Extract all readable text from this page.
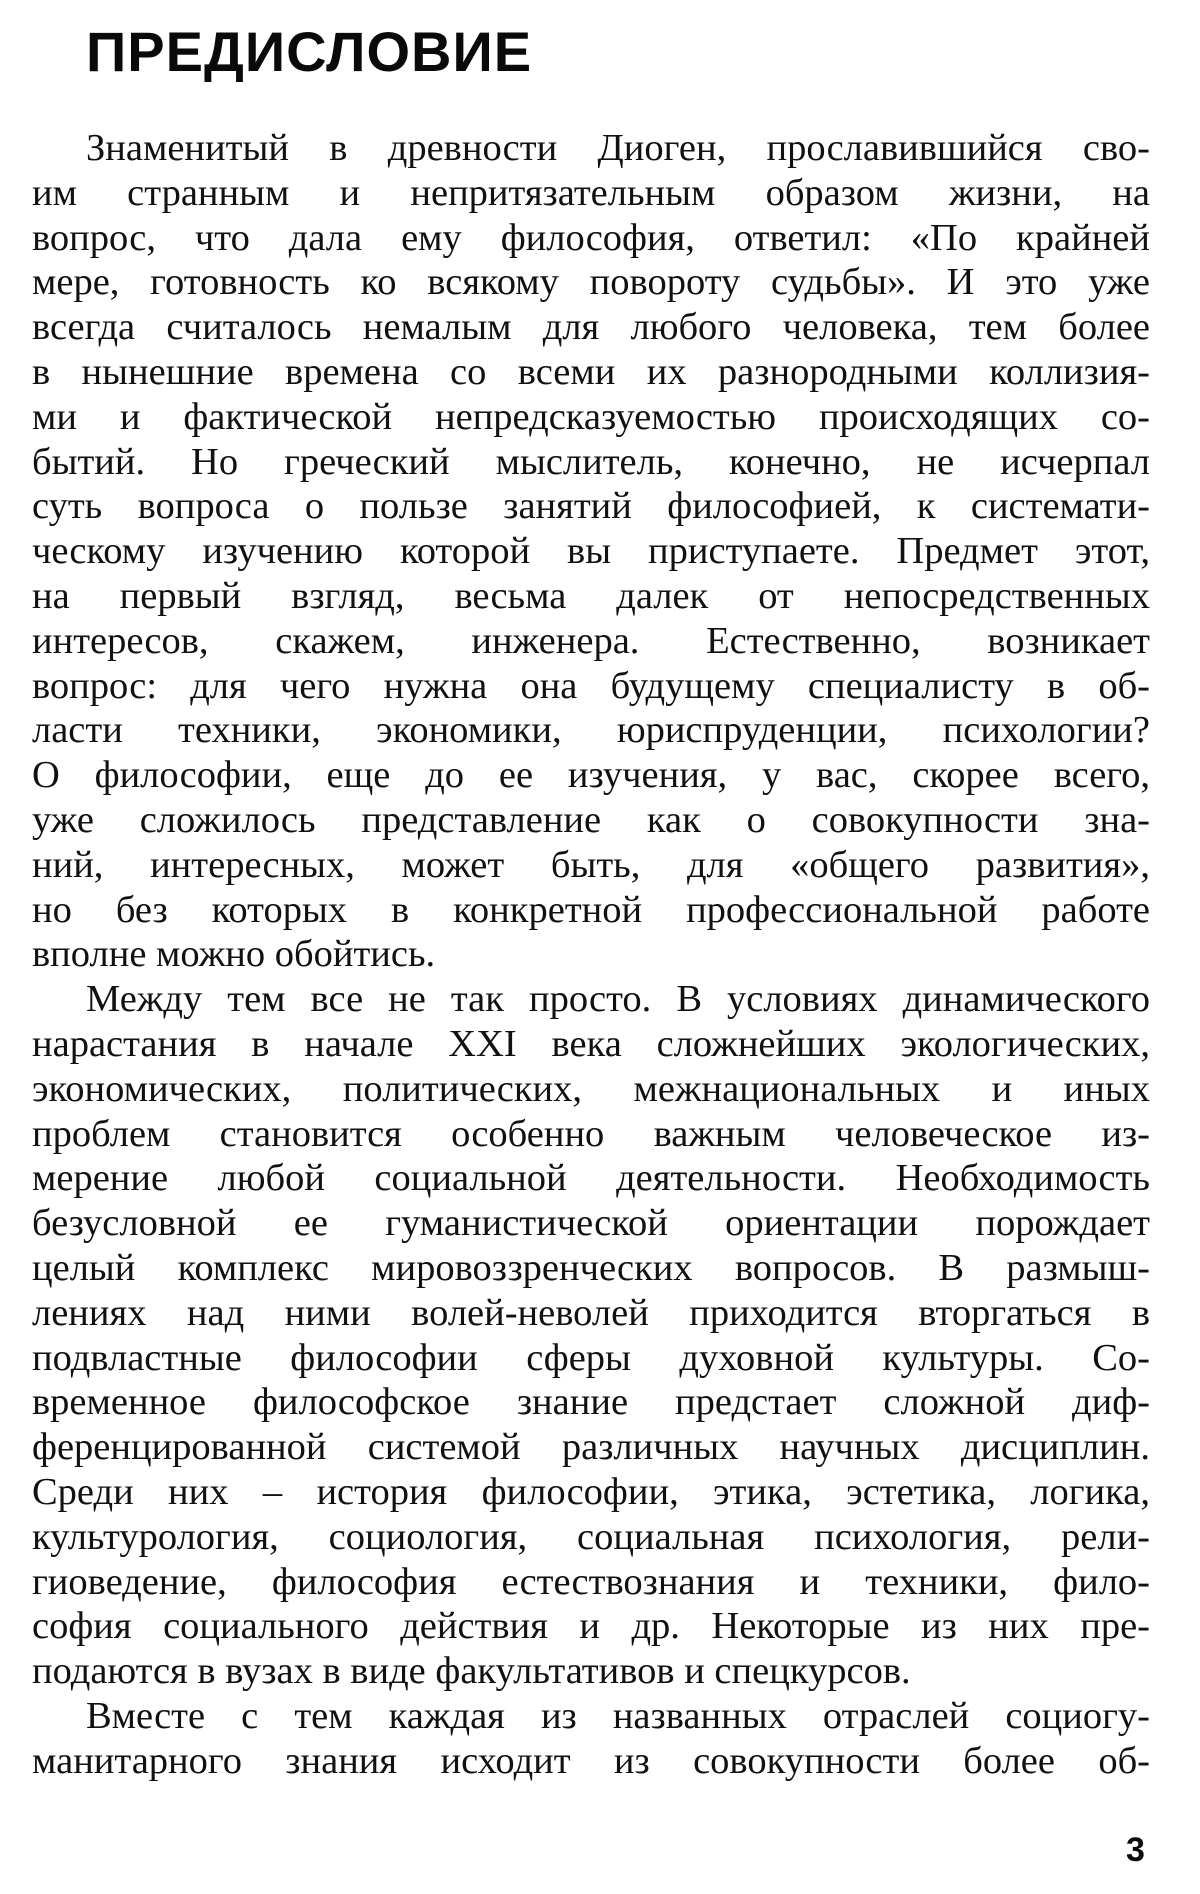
ПРЕДИСЛОВИЕ
Знаменитый в древности Диоген, прославившийся сво-
им странным и непритязательным образом жизни, на
вопрос, что дала ему философия, ответил: «По крайней
мере, готовность ко всякому повороту судьбы». И это уже
всегда считалось немалым для любого человека, тем более
в нынешние времена со всеми их разнородными коллизия-
ми и фактической непредсказуемостью происходящих со-
бытий. Но греческий мыслитель, конечно, не исчерпал
суть вопроса о пользе занятий философией, к системати-
ческому изучению которой вы приступаете. Предмет этот,
на первый взгляд, весьма далек от непосредственных
интересов, скажем, инженера. Естественно, возникает
вопрос: для чего нужна она будущему специалисту в об-
ласти техники, экономики, юриспруденции, психологии?
О философии, еще до ее изучения, у вас, скорее всего,
уже сложилось представление как о совокупности зна-
ний, интересных, может быть, для «общего развития»,
но без которых в конкретной профессиональной работе
вполне можно обойтись.
Между тем все не так просто. В условиях динамического
нарастания в начале XXI века сложнейших экологических,
экономических, политических, межнациональных и иных
проблем становится особенно важным человеческое из-
мерение любой социальной деятельности. Необходимость
безусловной ее гуманистической ориентации порождает
целый комплекс мировоззренческих вопросов. В размыш-
лениях над ними волей-неволей приходится вторгаться в
подвластные философии сферы духовной культуры. Со-
временное философское знание предстает сложной диф-
ференцированной системой различных научных дисциплин.
Среди них – история философии, этика, эстетика, логика,
культурология, социология, социальная психология, рели-
гиоведение, философия естествознания и техники, фило-
софия социального действия и др. Некоторые из них пре-
подаются в вузах в виде факультативов и спецкурсов.
Вместе с тем каждая из названных отраслей социогу-
манитарного знания исходит из совокупности более об-
3
